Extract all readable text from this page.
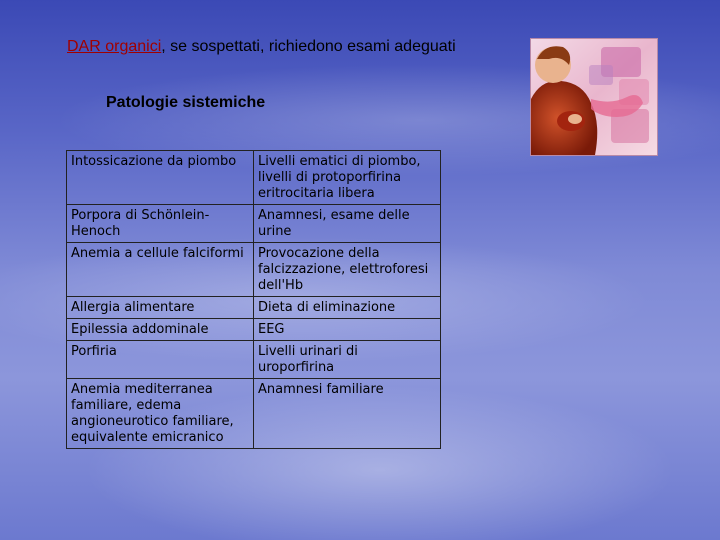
DAR organici, se sospettati, richiedono esami adeguati
Patologie sistemiche
Intossicazione da piombo	Livelli ematici di piombo, livelli di protoporfirina eritrocitaria libera
Porpora di Schönlein-Henoch	Anamnesi, esame delle urine
Anemia a cellule falciformi	Provocazione della falcizzazione, elettroforesi dell'Hb
Allergia alimentare	Dieta di eliminazione
Epilessia addominale	EEG
Porfiria	Livelli urinari di uroporfirina
Anemia mediterranea familiare, edema angioneurotico familiare, equivalente emicranico	Anamnesi familiare
